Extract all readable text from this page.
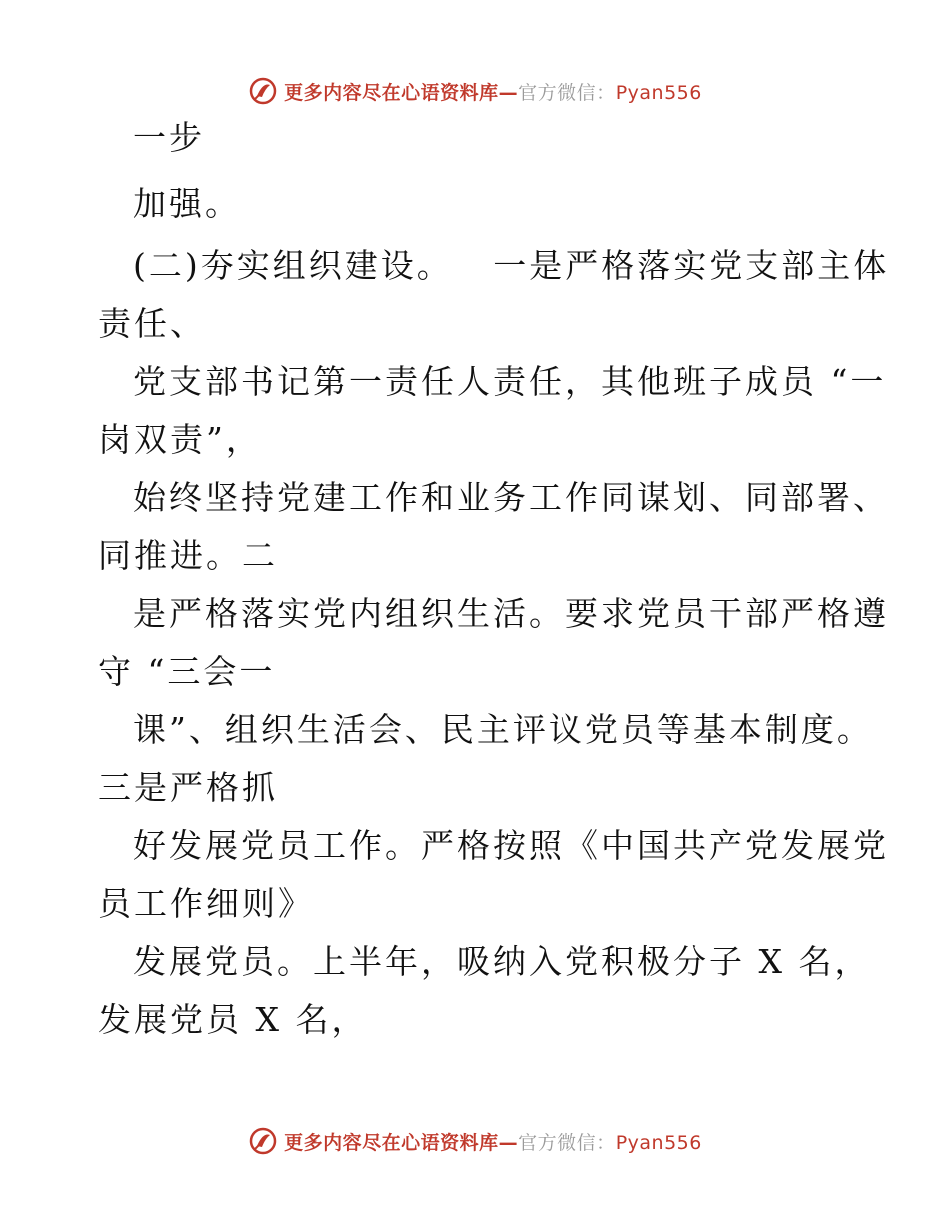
更多内容尽在心语资料库—官方微信：Pyan556
一步
加强。
(二)夯实组织建设。   一是严格落实党支部主体
责任、
党支部书记第一责任人责任，其他班子成员 “一
岗双责”，
始终坚持党建工作和业务工作同谋划、同部署、
同推进。二
是严格落实党内组织生活。要求党员干部严格遵
守 “三会一
课”、组织生活会、民主评议党员等基本制度。
三是严格抓
好发展党员工作。严格按照《中国共产党发展党
员工作细则》
发展党员。上半年，吸纳入党积极分子 X 名，
发展党员 X 名，
更多内容尽在心语资料库—官方微信：Pyan556
